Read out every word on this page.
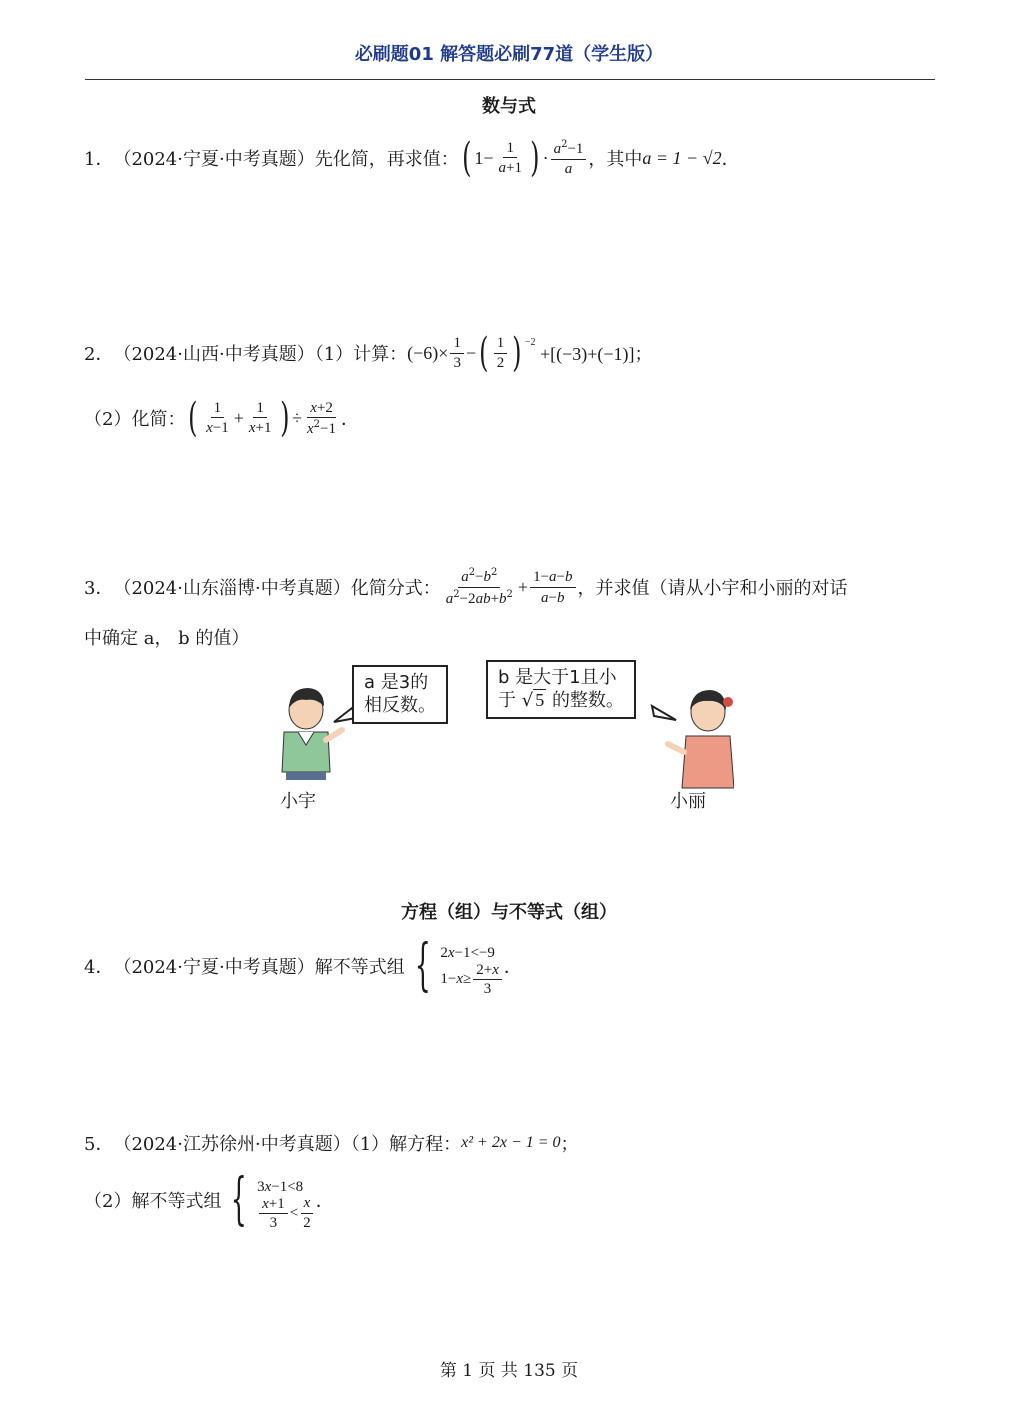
必刷题01 解答题必刷77道（学生版）
数与式
1． （2024·宁夏·中考真题）先化简，再求值： ( $1- \frac{1}{a+1}$ ) · $\frac{a^2-1}{a}$ ，其中 a = 1 − √2 ．
2． （2024·山西·中考真题）（1）计算： $(-6)\times \frac{1}{3}$ − ( $\frac{1}{2}$ ) $^{-2}$
+[(−3)+(−1)]；
（2）化简： ( $\frac{1}{x-1} + \frac{1}{x+1}$ ) ÷ $\frac{x+2}{x^2-1}$ ．
3． （2024·山东淄博·中考真题）化简分式： $\frac{a^2-b^2}{a^2-2ab+b^2} + \frac{1-a-b}{a-b}$ ，并求值（请从小宇和小丽的对话
中确定 a， b 的值）
a 是3的
相反数。
b 是大于1且小
于 √ 5 的整数。
小宇	小丽
方程（组）与不等式（组）
4． （2024·宁夏·中考真题）解不等式组 { 2 x −1<−9
$1- x \ge \frac{2+x}{3}$ ．
5． （2024·江苏徐州·中考真题）（1）解方程： x² + 2x − 1 = 0 ；
（2）解不等式组 { 3 x −1<8
$\frac{x+1}{3} < \frac{x}{2}$ ．
第 1 页 共 135 页
